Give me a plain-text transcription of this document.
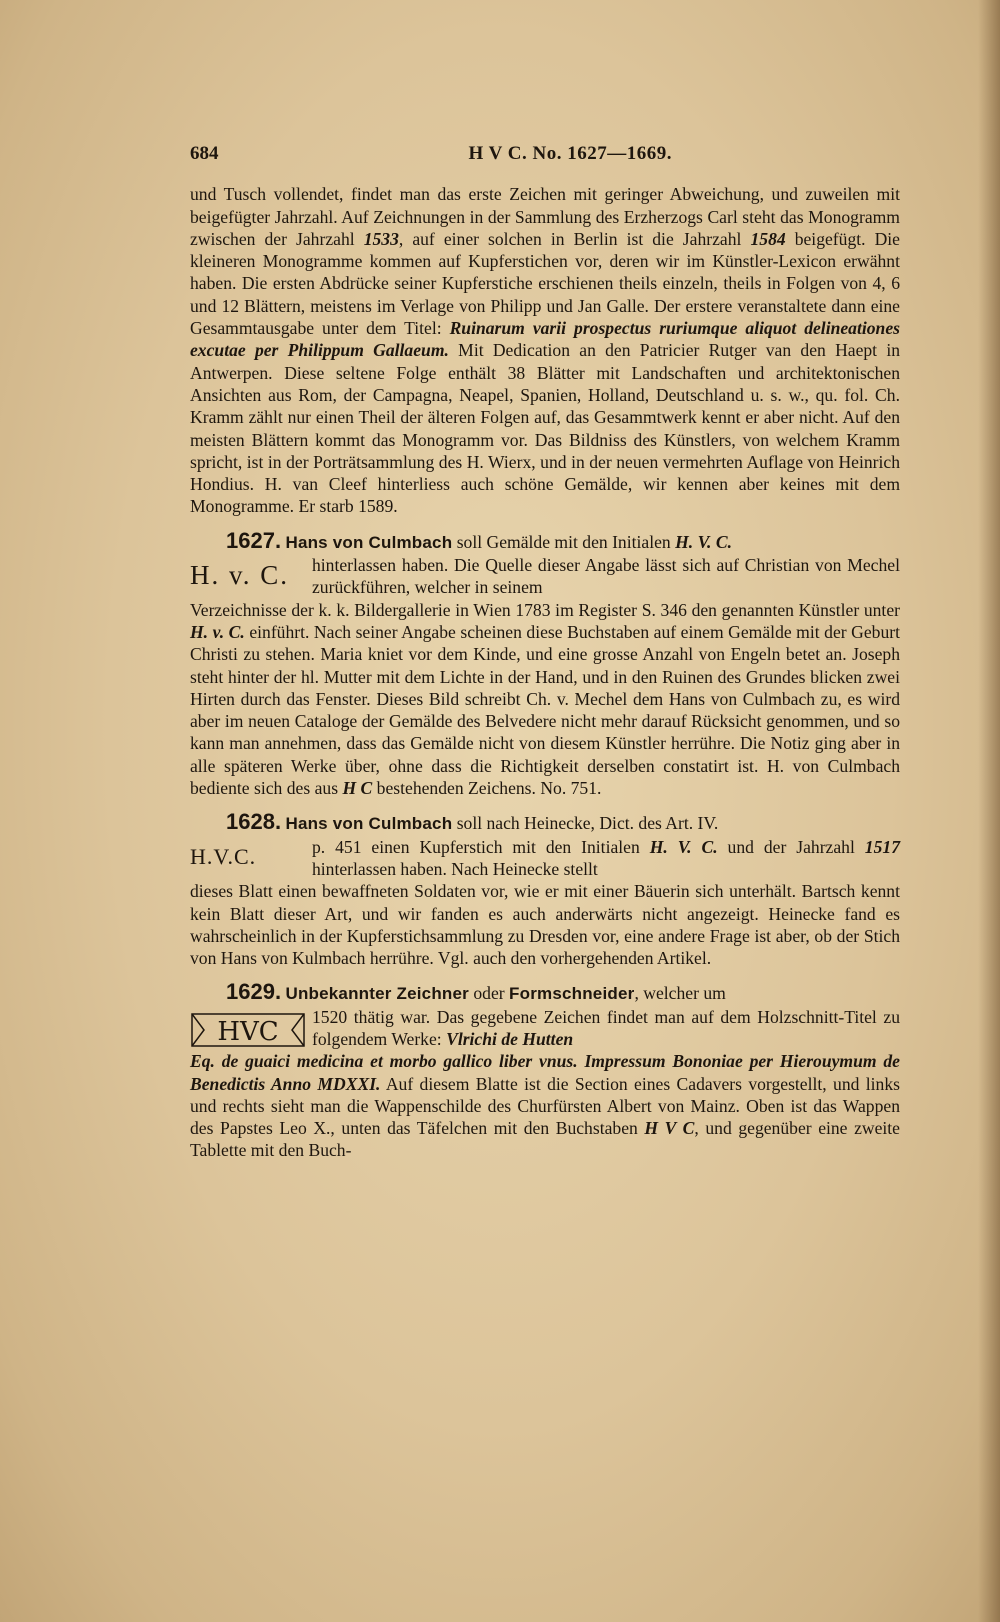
684	H V C. No. 1627—1669.

und Tusch vollendet, findet man das erste Zeichen mit geringer Abweichung, und zuweilen mit beigefügter Jahrzahl. Auf Zeichnungen in der Sammlung des Erzherzogs Carl steht das Monogramm zwischen der Jahrzahl 1533, auf einer solchen in Berlin ist die Jahrzahl 1584 beigefügt. Die kleineren Monogramme kommen auf Kupferstichen vor, deren wir im Künstler-Lexicon erwähnt haben. Die ersten Abdrücke seiner Kupferstiche erschienen theils einzeln, theils in Folgen von 4, 6 und 12 Blättern, meistens im Verlage von Philipp und Jan Galle. Der erstere veranstaltete dann eine Gesammtausgabe unter dem Titel: Ruinarum varii prospectus ruriumque aliquot delineationes excutae per Philippum Gallaeum. Mit Dedication an den Patricier Rutger van den Haept in Antwerpen. Diese seltene Folge enthält 38 Blätter mit Landschaften und architektonischen Ansichten aus Rom, der Campagna, Neapel, Spanien, Holland, Deutschland u. s. w., qu. fol. Ch. Kramm zählt nur einen Theil der älteren Folgen auf, das Gesammtwerk kennt er aber nicht. Auf den meisten Blättern kommt das Monogramm vor. Das Bildniss des Künstlers, von welchem Kramm spricht, ist in der Porträtsammlung des H. Wierx, und in der neuen vermehrten Auflage von Heinrich Hondius. H. van Cleef hinterliess auch schöne Gemälde, wir kennen aber keines mit dem Monogramme. Er starb 1589.

1627. Hans von Culmbach soll Gemälde mit den Initialen H. V. C.

H. v. C.	hinterlassen haben. Die Quelle dieser Angabe lässt sich auf Christian von Mechel zurückführen, welcher in seinem

Verzeichnisse der k. k. Bildergallerie in Wien 1783 im Register S. 346 den genannten Künstler unter H. v. C. einführt. Nach seiner Angabe scheinen diese Buchstaben auf einem Gemälde mit der Geburt Christi zu stehen. Maria kniet vor dem Kinde, und eine grosse Anzahl von Engeln betet an. Joseph steht hinter der hl. Mutter mit dem Lichte in der Hand, und in den Ruinen des Grundes blicken zwei Hirten durch das Fenster. Dieses Bild schreibt Ch. v. Mechel dem Hans von Culmbach zu, es wird aber im neuen Cataloge der Gemälde des Belvedere nicht mehr darauf Rücksicht genommen, und so kann man annehmen, dass das Gemälde nicht von diesem Künstler herrühre. Die Notiz ging aber in alle späteren Werke über, ohne dass die Richtigkeit derselben constatirt ist. H. von Culmbach bediente sich des aus H C bestehenden Zeichens. No. 751.

1628. Hans von Culmbach soll nach Heinecke, Dict. des Art. IV.

H.V.C.	p. 451 einen Kupferstich mit den Initialen H. V. C. und der Jahrzahl 1517 hinterlassen haben. Nach Heinecke stellt

dieses Blatt einen bewaffneten Soldaten vor, wie er mit einer Bäuerin sich unterhält. Bartsch kennt kein Blatt dieser Art, und wir fanden es auch anderwärts nicht angezeigt. Heinecke fand es wahrscheinlich in der Kupferstichsammlung zu Dresden vor, eine andere Frage ist aber, ob der Stich von Hans von Kulmbach herrühre. Vgl. auch den vorhergehenden Artikel.

1629. Unbekannter Zeichner oder Formschneider, welcher um

HVC 1520 thätig war. Das gegebene Zeichen findet man auf dem Holzschnitt-Titel zu folgendem Werke: Vlrichi de Hutten

Eq. de guaici medicina et morbo gallico liber vnus. Impressum Bononiae per Hierouymum de Benedictis Anno MDXXI. Auf diesem Blatte ist die Section eines Cadavers vorgestellt, und links und rechts sieht man die Wappenschilde des Churfürsten Albert von Mainz. Oben ist das Wappen des Papstes Leo X., unten das Täfelchen mit den Buchstaben H V C, und gegenüber eine zweite Tablette mit den Buch-
